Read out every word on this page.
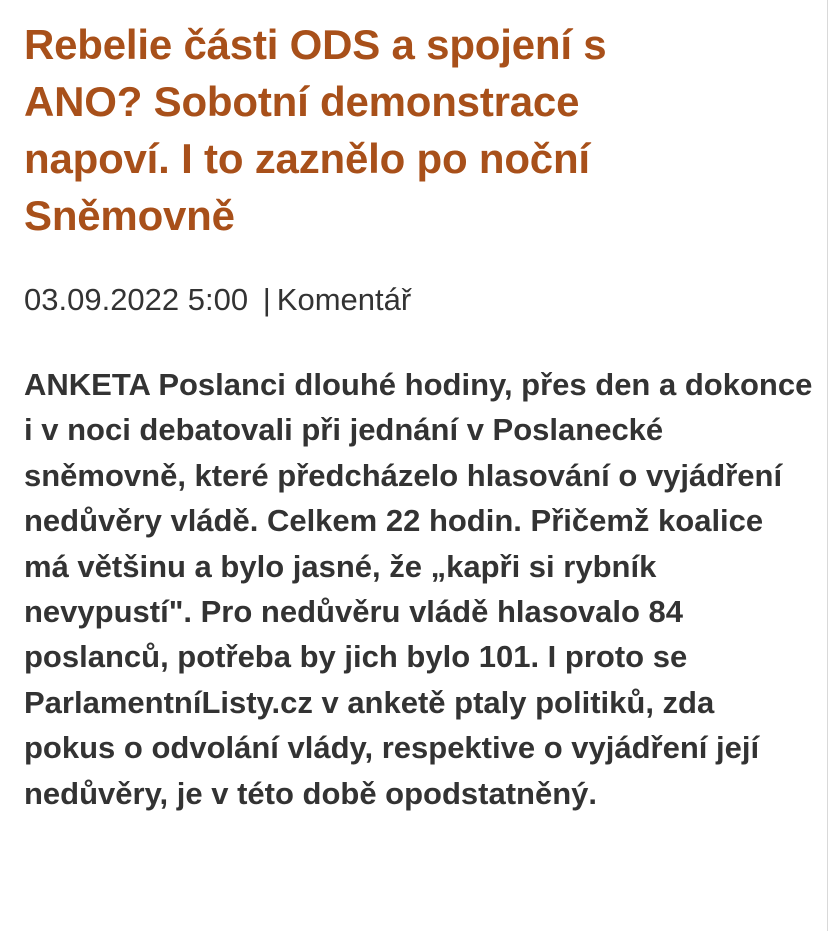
Rebelie části ODS a spojení s ANO? Sobotní demonstrace napoví. I to zaznělo po noční Sněmovně
03.09.2022 5:00 | Komentář

ANKETA Poslanci dlouhé hodiny, přes den a dokonce i v noci debatovali při jednání v Poslanecké sněmovně, které předcházelo hlasování o vyjádření nedůvěry vládě. Celkem 22 hodin. Přičemž koalice má většinu a bylo jasné, že „kapři si rybník nevypustí". Pro nedůvěru vládě hlasovalo 84 poslanců, potřeba by jich bylo 101. I proto se ParlamentníListy.cz v anketě ptaly politiků, zda pokus o odvolání vlády, respektive o vyjádření její nedůvěry, je v této době opodstatněný.
